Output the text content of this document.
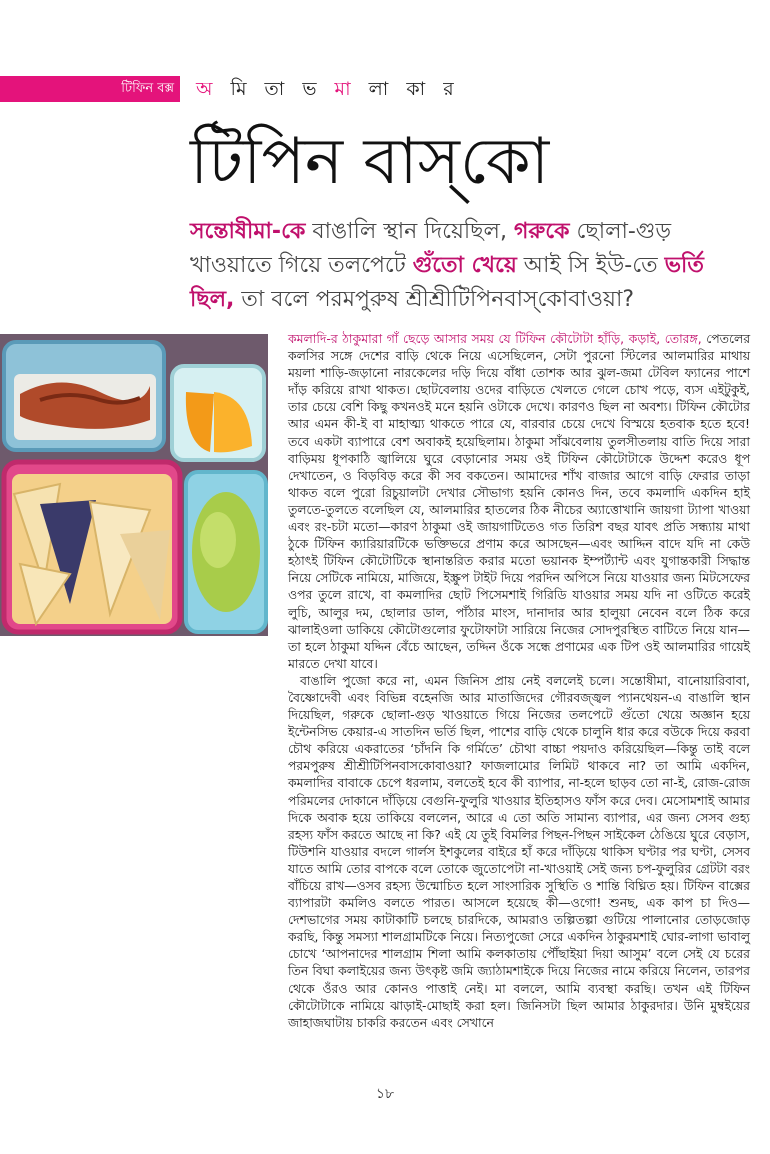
টিফিন বক্স	অ মি তা ভ মা লা কা র
টিপিন বাস্‌কো
সন্তোষীমা-কে বাঙালি স্থান দিয়েছিল, গরুকে ছোলা-গুড় খাওয়াতে গিয়ে তলপেটে গুঁতো খেয়ে আই সি ইউ-তে ভর্তি ছিল, তা বলে পরমপুরুষ শ্রীশ্রীটিপিনবাস্‌কোবাওয়া?

কমলাদি-র ঠাকুমারা গাঁ ছেড়ে আসার সময় যে টিফিন কৌটোটা হাঁড়ি, কড়াই, তোরঙ্গ, পেতলের কলসির সঙ্গে দেশের বাড়ি থেকে নিয়ে এসেছিলেন, সেটা পুরনো স্টিলের আলমারির মাথায় ময়লা শাড়ি-জড়ানো নারকেলের দড়ি দিয়ে বাঁধা তোশক আর ঝুল-জমা টেবিল ফ্যানের পাশে দাঁড় করিয়ে রাখা থাকত। ছোটবেলায় ওদের বাড়িতে খেলতে গেলে চোখ পড়ে, ব্যস এইটুকুই, তার চেয়ে বেশি কিছু কখনওই মনে হয়নি ওটাকে দেখে। কারণও ছিল না অবশ্য। টিফিন কৌটোর আর এমন কী-ই বা মাহাত্ম্য থাকতে পারে যে, বারবার চেয়ে দেখে বিস্ময়ে হতবাক হতে হবে! তবে একটা ব্যাপারে বেশ অবাকই হয়েছিলাম। ঠাকুমা সাঁঝবেলায় তুলসীতলায় বাতি দিয়ে সারা বাড়িময় ধূপকাঠি জ্বালিয়ে ঘুরে বেড়ানোর সময় ওই টিফিন কৌটোটাকে উদ্দেশ করেও ধূপ দেখাতেন, ও বিড়বিড় করে কী সব বকতেন। আমাদের শাঁখ বাজার আগে বাড়ি ফেরার তাড়া থাকত বলে পুরো রিচুয়ালটা দেখার সৌভাগ্য হয়নি কোনও দিন, তবে কমলাদি একদিন হাই তুলতে-তুলতে বলেছিল যে, আলমারির হাতলের ঠিক নীচের অ্যাত্তোখানি জায়গা ট্যাপা খাওয়া এবং রং-চটা মতো—কারণ ঠাকুমা ওই জায়গাটিতেও গত তিরিশ বছর যাবৎ প্রতি সন্ধ্যায় মাথা ঠুকে টিফিন ক্যারিয়ারটিকে ভক্তিভরে প্রণাম করে আসছেন—এবং আদ্দিন বাদে যদি না কেউ হঠাৎই টিফিন কৌটোটিকে স্থানান্তরিত করার মতো ভয়ানক ইম্পর্ট্যান্ট এবং যুগান্তকারী সিদ্ধান্ত নিয়ে সেটিকে নামিয়ে, মাজিয়ে, ইস্ক্রুপ টাইট দিয়ে পরদিন অপিসে নিয়ে যাওয়ার জন্য মিটসেফের ওপর তুলে রাখে, বা কমলাদির ছোট পিসেমশাই গিরিডি যাওয়ার সময় যদি না ওটিতে করেই লুচি, আলুর দম, ছোলার ডাল, পাঁঠার মাংস, দানাদার আর হালুয়া নেবেন বলে ঠিক করে ঝালাইওলা ডাকিয়ে কৌটোগুলোর ফুটোফাটা সারিয়ে নিজের সোদপুরস্থিত বাটিতে নিয়ে যান—তা হলে ঠাকুমা যদ্দিন বেঁচে আছেন, তদ্দিন ওঁকে সন্ধে প্রণামের এক টিপ ওই আলমারির গায়েই মারতে দেখা যাবে।

বাঙালি পুজো করে না, এমন জিনিস প্রায় নেই বললেই চলে। সন্তোষীমা, বানোয়ারিবাবা, বৈষ্ণোদেবী এবং বিভিন্ন বহেনজি আর মাতাজিদের গৌরবজ্জ্বল প্যানথেয়ন-এ বাঙালি স্থান দিয়েছিল, গরুকে ছোলা-গুড় খাওয়াতে গিয়ে নিজের তলপেটে গুঁতো খেয়ে অজ্ঞান হয়ে ইন্টেনসিভ কেয়ার-এ সাতদিন ভর্তি ছিল, পাশের বাড়ি থেকে চালুনি ধার করে বউকে দিয়ে করবা চৌথ করিয়ে একরাতের ‘চাঁদনি কি গর্মিতে’ চৌথা বাচ্চা পয়দাও করিয়েছিল—কিন্তু তাই বলে পরমপুরুষ শ্রীশ্রীটিপিনবাসকোবাওয়া? ফাজলামোর লিমিট থাকবে না? তা আমি একদিন, কমলাদির বাবাকে চেপে ধরলাম, বলতেই হবে কী ব্যাপার, না-হলে ছাড়ব তো না-ই, রোজ-রোজ পরিমলের দোকানে দাঁড়িয়ে বেগুনি-ফুলুরি খাওয়ার ইতিহাসও ফাঁস করে দেব। মেসোমশাই আমার দিকে অবাক হয়ে তাকিয়ে বললেন, আরে এ তো অতি সামান্য ব্যাপার, এর জন্য সেসব গুহ্য রহস্য ফাঁস করতে আছে না কি? এই যে তুই বিমলির পিছন-পিছন সাইকেল ঠেঙিয়ে ঘুরে বেড়াস, টিউশনি যাওয়ার বদলে গার্লস ইশকুলের বাইরে হাঁ করে দাঁড়িয়ে থাকিস ঘণ্টার পর ঘণ্টা, সেসব যাতে আমি তোর বাপকে বলে তোকে জুতোপেটা না-খাওয়াই সেই জন্য চপ-ফুলুরির গ্রেটটা বরং বাঁচিয়ে রাখ—ওসব রহস্য উন্মোচিত হলে সাংসারিক সুস্থিতি ও শান্তি বিঘ্নিত হয়। টিফিন বাক্সের ব্যাপারটা কমলিও বলতে পারত। আসলে হয়েছে কী—ওগো! শুনছ, এক কাপ চা দিও—দেশভাগের সময় কাটাকাটি চলছে চারদিকে, আমরাও তল্পিতল্পা গুটিয়ে পালানোর তোড়জোড় করছি, কিন্তু সমস্যা শালগ্রামটিকে নিয়ে। নিত্যপুজো সেরে একদিন ঠাকুরমশাই ঘোর-লাগা ভাবালু চোখে ‘আপনাদের শালগ্রাম শিলা আমি কলকাতায় পৌঁছাইয়া দিয়া আসুম’ বলে সেই যে চরের তিন বিঘা কলাইয়ের জন্য উৎকৃষ্ট জমি জ্যাঠামশাইকে দিয়ে নিজের নামে করিয়ে নিলেন, তারপর থেকে ওঁরও আর কোনও পাত্তাই নেই। মা বললে, আমি ব্যবস্থা করছি। তখন এই টিফিন কৌটোটাকে নামিয়ে ঝাড়াই-মোছাই করা হল। জিনিসটা ছিল আমার ঠাকুরদার। উনি মুম্বইয়ের জাহাজঘাটায় চাকরি করতেন এবং সেখানে

১৮
